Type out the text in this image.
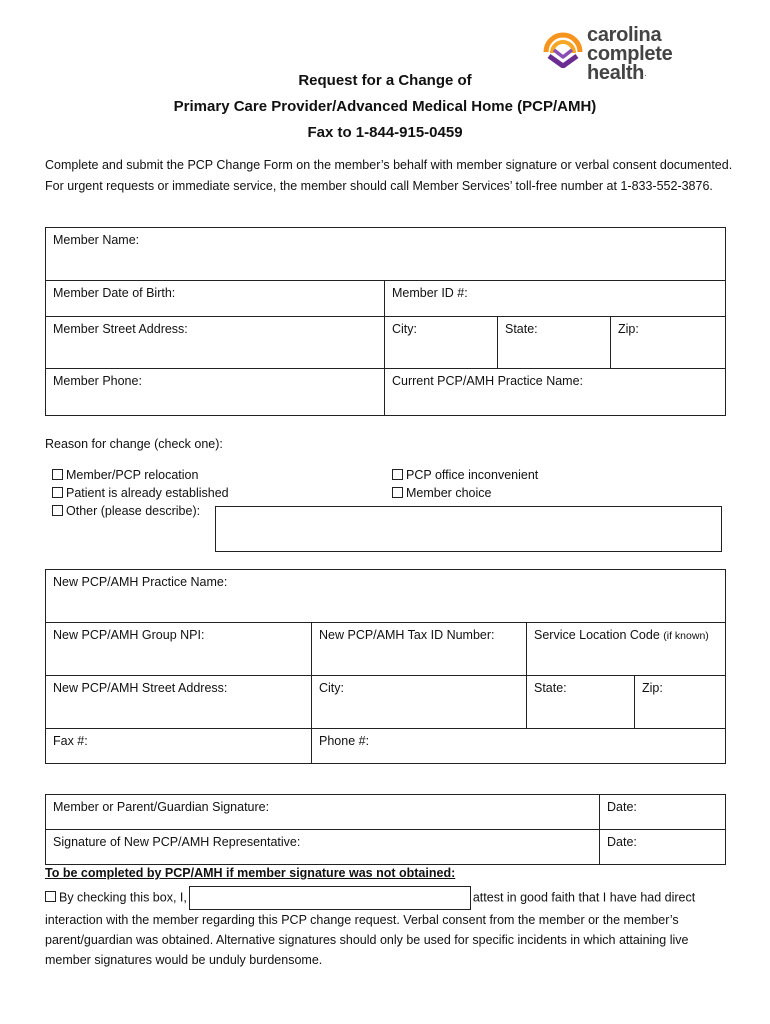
carolina
complete health.
Request for a Change of
Primary Care Provider/Advanced Medical Home (PCP/AMH)
Fax to 1-844-915-0459
Complete and submit the PCP Change Form on the member’s behalf with member signature or verbal consent documented. For urgent requests or immediate service, the member should call Member Services’ toll-free number at 1-833-552-3876.
Member Name:			
Member Date of Birth:	Member ID #:		
Member Street Address:	City:	State:	Zip:
Member Phone:	Current PCP/AMH Practice Name:		
Reason for change (check one):
Member/PCP relocation
Patient is already established
Other (please describe):
PCP office inconvenient
Member choice
New PCP/AMH Practice Name:			
New PCP/AMH Group NPI:	New PCP/AMH Tax ID Number:	Service Location Code (if known)	
New PCP/AMH Street Address:	City:	State:	Zip:
Fax #:	Phone #:		
Member or Parent/Guardian Signature:	Date:
Signature of New PCP/AMH Representative:	Date:
To be completed by PCP/AMH if member signature was not obtained:
By checking this box, I,	attest in good faith that I have had direct interaction with the member regarding this PCP change request. Verbal consent from the member or the member’s parent/guardian was obtained. Alternative signatures should only be used for specific incidents in which attaining live member signatures would be unduly burdensome.
